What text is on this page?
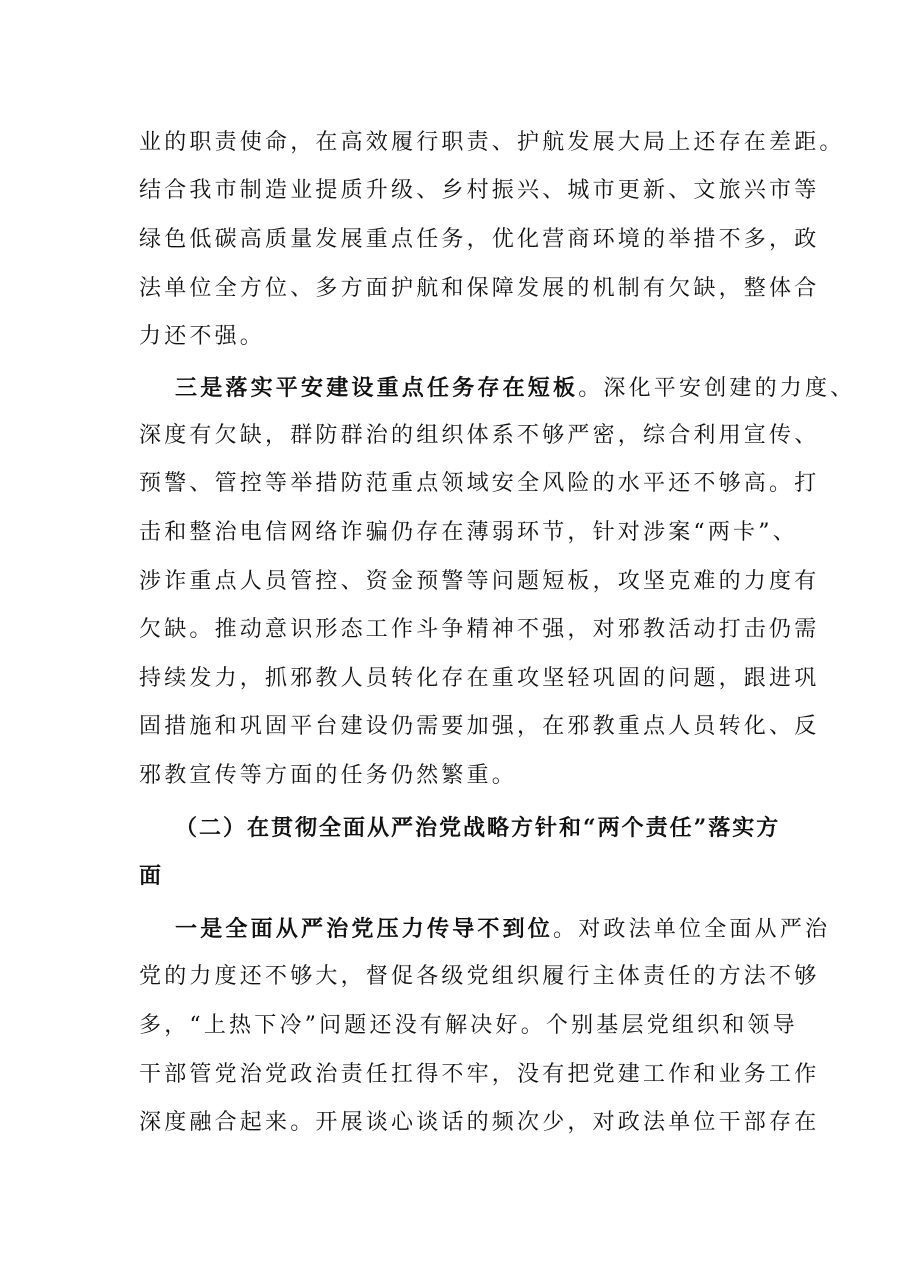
业的职责使命，在高效履行职责、护航发展大局上还存在差距。
结合我市制造业提质升级、乡村振兴、城市更新、文旅兴市等
绿色低碳高质量发展重点任务，优化营商环境的举措不多，政
法单位全方位、多方面护航和保障发展的机制有欠缺，整体合
力还不强。
三是落实平安建设重点任务存在短板。深化平安创建的力度、
深度有欠缺，群防群治的组织体系不够严密，综合利用宣传、
预警、管控等举措防范重点领域安全风险的水平还不够高。打
击和整治电信网络诈骗仍存在薄弱环节，针对涉案“两卡”、
涉诈重点人员管控、资金预警等问题短板，攻坚克难的力度有
欠缺。推动意识形态工作斗争精神不强，对邪教活动打击仍需
持续发力，抓邪教人员转化存在重攻坚轻巩固的问题，跟进巩
固措施和巩固平台建设仍需要加强，在邪教重点人员转化、反
邪教宣传等方面的任务仍然繁重。
（二）在贯彻全面从严治党战略方针和“两个责任”落实方
面
一是全面从严治党压力传导不到位。对政法单位全面从严治
党的力度还不够大，督促各级党组织履行主体责任的方法不够
多，“上热下冷”问题还没有解决好。个别基层党组织和领导
干部管党治党政治责任扛得不牢，没有把党建工作和业务工作
深度融合起来。开展谈心谈话的频次少，对政法单位干部存在
